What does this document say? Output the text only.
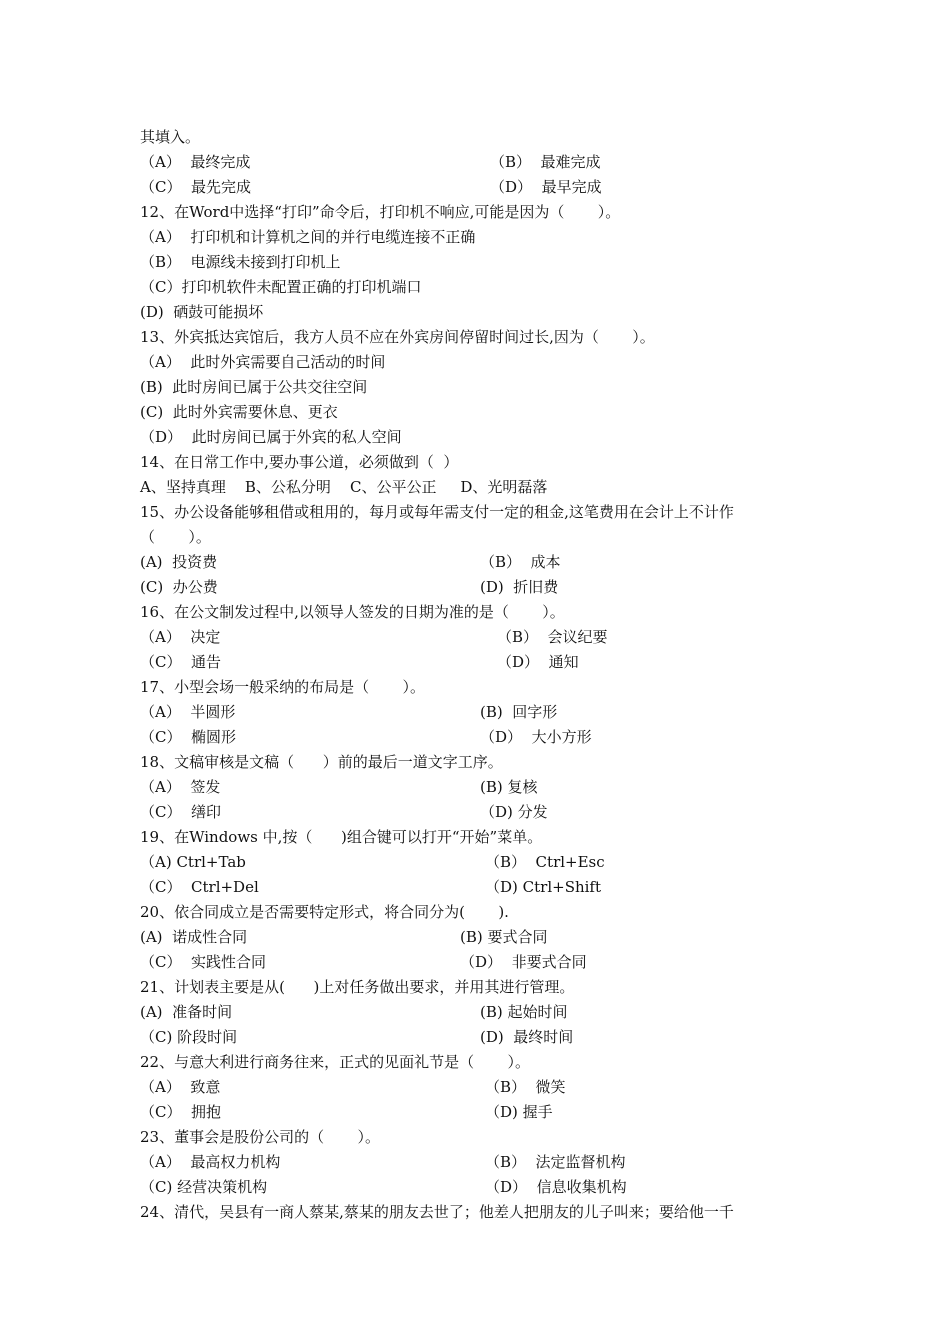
其填入。
（A）  最终完成	（B）  最难完成
（C）  最先完成	（D）  最早完成
12、在Word中选择“打印”命令后，打印机不响应,可能是因为（       ）。
（A）  打印机和计算机之间的并行电缆连接不正确
（B）  电源线未接到打印机上
（C）打印机软件未配置正确的打印机端口
(D)  硒鼓可能损坏
13、外宾抵达宾馆后，我方人员不应在外宾房间停留时间过长,因为（       ）。
（A）  此时外宾需要自己活动的时间
(B)  此时房间已属于公共交往空间
(C)  此时外宾需要休息、更衣
（D）  此时房间已属于外宾的私人空间
14、在日常工作中,要办事公道，必须做到（  ）
A、坚持真理    B、公私分明    C、公平公正     D、光明磊落
15、办公设备能够租借或租用的，每月或每年需支付一定的租金,这笔费用在会计上不计作
（       ）。
(A)  投资费	（B）  成本
(C)  办公费	(D)  折旧费
16、在公文制发过程中,以领导人签发的日期为准的是（       ）。
（A）  决定	（B）  会议纪要
（C）  通告	（D）  通知
17、小型会场一般采纳的布局是（       ）。
（A）  半圆形	(B)  回字形
（C）  椭圆形	（D）  大小方形
18、文稿审核是文稿（      ）前的最后一道文字工序。
（A）  签发	(B) 复核
（C）  缮印	（D) 分发
19、在Windows 中,按（      )组合键可以打开“开始”菜单。
（A) Ctrl+Tab	（B）  Ctrl+Esc
（C）  Ctrl+Del	（D) Ctrl+Shift
20、依合同成立是否需要特定形式，将合同分为(       ).
(A)  诺成性合同	(B) 要式合同
（C）  实践性合同	（D）  非要式合同
21、计划表主要是从(      )上对任务做出要求，并用其进行管理。
(A)  准备时间	(B) 起始时间
（C) 阶段时间	(D)  最终时间
22、与意大利进行商务往来，正式的见面礼节是（       ）。
（A）  致意	（B）  微笑
（C）  拥抱	（D) 握手
23、董事会是股份公司的（       ）。
（A）  最高权力机构	（B）  法定监督机构
（C) 经营决策机构	（D）  信息收集机构
24、清代，吴县有一商人蔡某,蔡某的朋友去世了；他差人把朋友的儿子叫来；要给他一千
